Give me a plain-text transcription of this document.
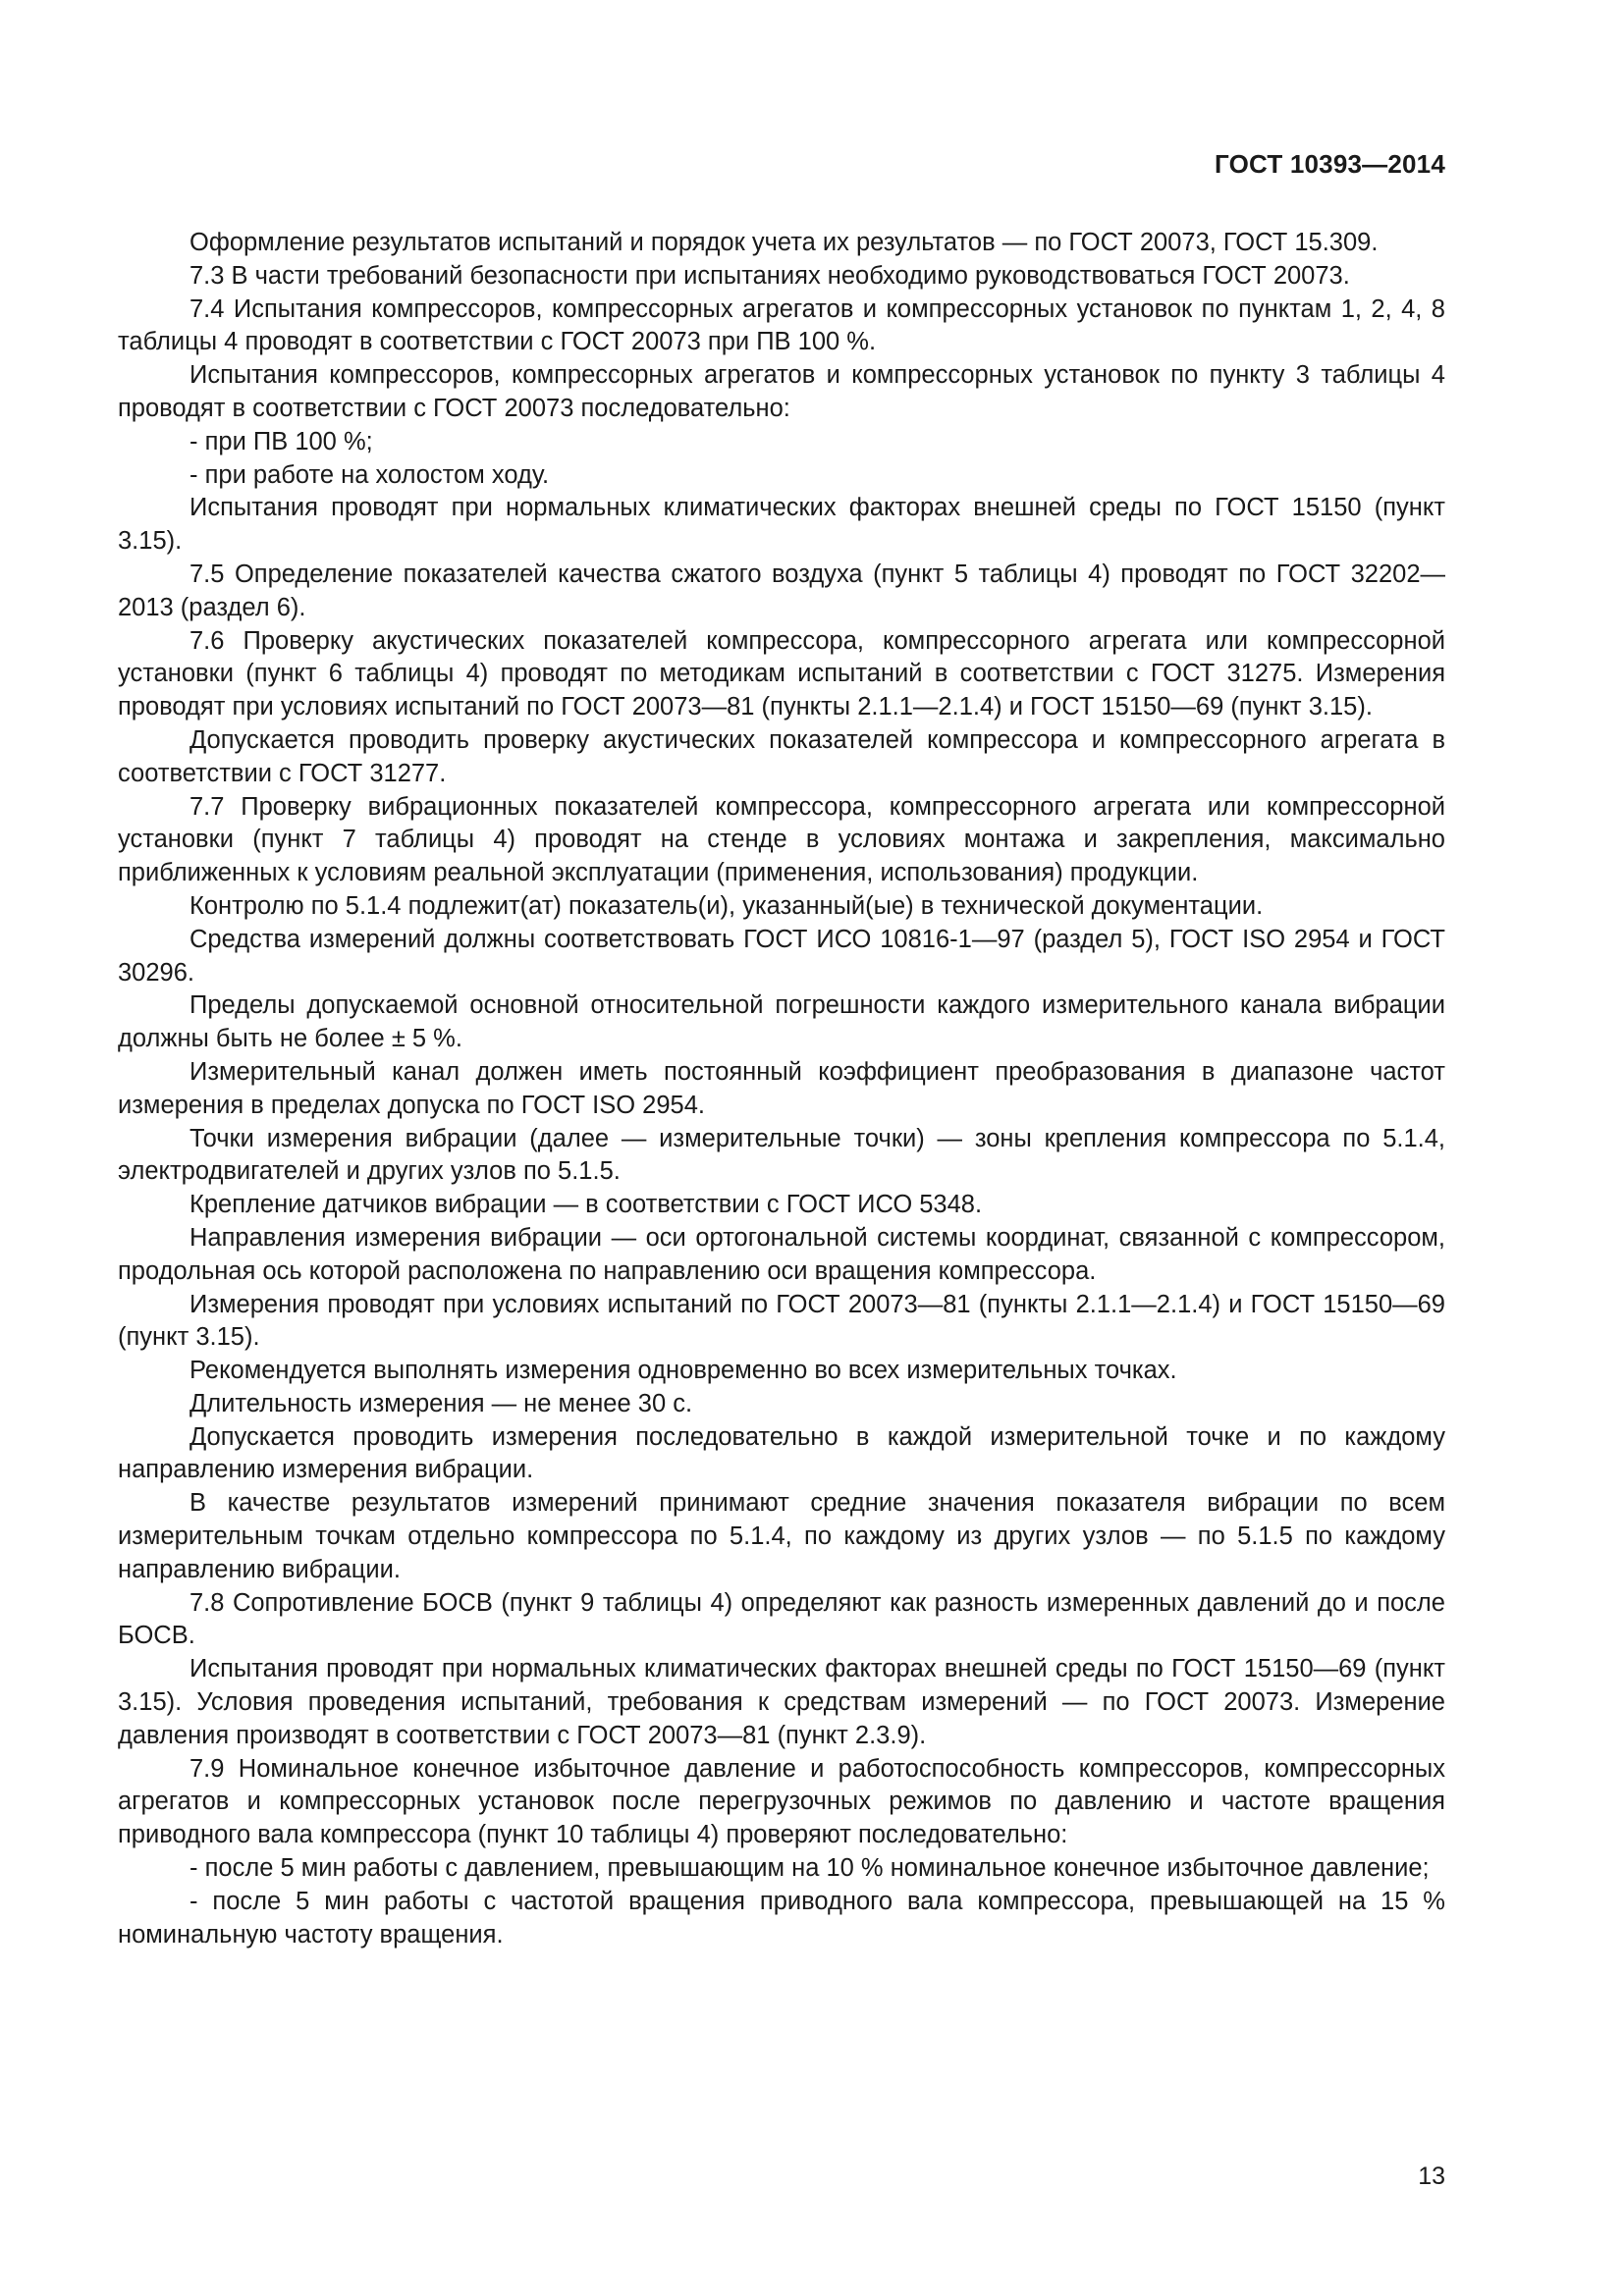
ГОСТ 10393—2014

Оформление результатов испытаний и порядок учета их результатов — по ГОСТ 20073, ГОСТ 15.309.

7.3 В части требований безопасности при испытаниях необходимо руководствоваться ГОСТ 20073.

7.4 Испытания компрессоров, компрессорных агрегатов и компрессорных установок по пунктам 1, 2, 4, 8 таблицы 4 проводят в соответствии с ГОСТ 20073 при ПВ 100 %.

Испытания компрессоров, компрессорных агрегатов и компрессорных установок по пункту 3 таблицы 4 проводят в соответствии с ГОСТ 20073 последовательно:

- при ПВ 100 %;

- при работе на холостом ходу.

Испытания проводят при нормальных климатических факторах внешней среды по ГОСТ 15150 (пункт 3.15).

7.5 Определение показателей качества сжатого воздуха (пункт 5 таблицы 4) проводят по ГОСТ 32202—2013 (раздел 6).

7.6 Проверку акустических показателей компрессора, компрессорного агрегата или компрессорной установки (пункт 6 таблицы 4) проводят по методикам испытаний в соответствии с ГОСТ 31275. Измерения проводят при условиях испытаний по ГОСТ 20073—81 (пункты 2.1.1—2.1.4) и ГОСТ 15150—69 (пункт 3.15).

Допускается проводить проверку акустических показателей компрессора и компрессорного агрегата в соответствии с ГОСТ 31277.

7.7 Проверку вибрационных показателей компрессора, компрессорного агрегата или компрессорной установки (пункт 7 таблицы 4) проводят на стенде в условиях монтажа и закрепления, максимально приближенных к условиям реальной эксплуатации (применения, использования) продукции.

Контролю по 5.1.4 подлежит(ат) показатель(и), указанный(ые) в технической документации.

Средства измерений должны соответствовать ГОСТ ИСО 10816-1—97 (раздел 5), ГОСТ ISO 2954 и ГОСТ 30296.

Пределы допускаемой основной относительной погрешности каждого измерительного канала вибрации должны быть не более ± 5 %.

Измерительный канал должен иметь постоянный коэффициент преобразования в диапазоне частот измерения в пределах допуска по ГОСТ ISO 2954.

Точки измерения вибрации (далее — измерительные точки) — зоны крепления компрессора по 5.1.4, электродвигателей и других узлов по 5.1.5.

Крепление датчиков вибрации — в соответствии с ГОСТ ИСО 5348.

Направления измерения вибрации — оси ортогональной системы координат, связанной с компрессором, продольная ось которой расположена по направлению оси вращения компрессора.

Измерения проводят при условиях испытаний по ГОСТ 20073—81 (пункты 2.1.1—2.1.4) и ГОСТ 15150—69 (пункт 3.15).

Рекомендуется выполнять измерения одновременно во всех измерительных точках.

Длительность измерения — не менее 30 с.

Допускается проводить измерения последовательно в каждой измерительной точке и по каждому направлению измерения вибрации.

В качестве результатов измерений принимают средние значения показателя вибрации по всем измерительным точкам отдельно компрессора по 5.1.4, по каждому из других узлов — по 5.1.5 по каждому направлению вибрации.

7.8 Сопротивление БОСВ (пункт 9 таблицы 4) определяют как разность измеренных давлений до и после БОСВ.

Испытания проводят при нормальных климатических факторах внешней среды по ГОСТ 15150—69 (пункт 3.15). Условия проведения испытаний, требования к средствам измерений — по ГОСТ 20073. Измерение давления производят в соответствии с ГОСТ 20073—81 (пункт 2.3.9).

7.9 Номинальное конечное избыточное давление и работоспособность компрессоров, компрессорных агрегатов и компрессорных установок после перегрузочных режимов по давлению и частоте вращения приводного вала компрессора (пункт 10 таблицы 4) проверяют последовательно:

- после 5 мин работы с давлением, превышающим на 10 % номинальное конечное избыточное давление;

- после 5 мин работы с частотой вращения приводного вала компрессора, превышающей на 15 % номинальную частоту вращения.

13
